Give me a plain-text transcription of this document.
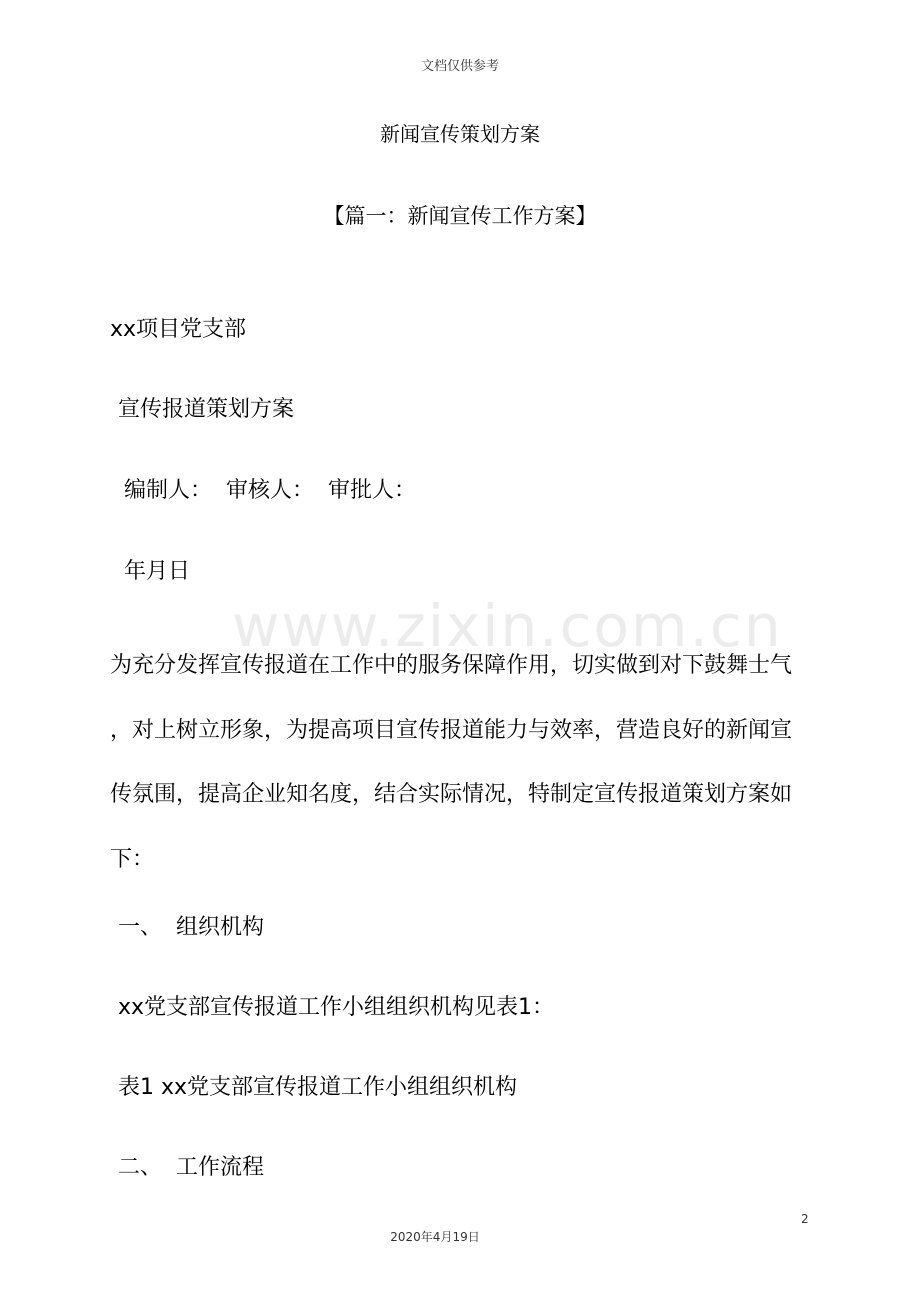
文档仅供参考
新闻宣传策划方案
【篇一：新闻宣传工作方案】
www.zixin.com.cn
xx项目党支部
宣传报道策划方案
编制人：  审核人：  审批人：
年月日
为充分发挥宣传报道在工作中的服务保障作用，切实做到对下鼓舞士气
，对上树立形象，为提高项目宣传报道能力与效率，营造良好的新闻宣
传氛围，提高企业知名度，结合实际情况，特制定宣传报道策划方案如
下：
一、  组织机构
xx党支部宣传报道工作小组组织机构见表1：
表1 xx党支部宣传报道工作小组组织机构
二、  工作流程
2
2020年4月19日
